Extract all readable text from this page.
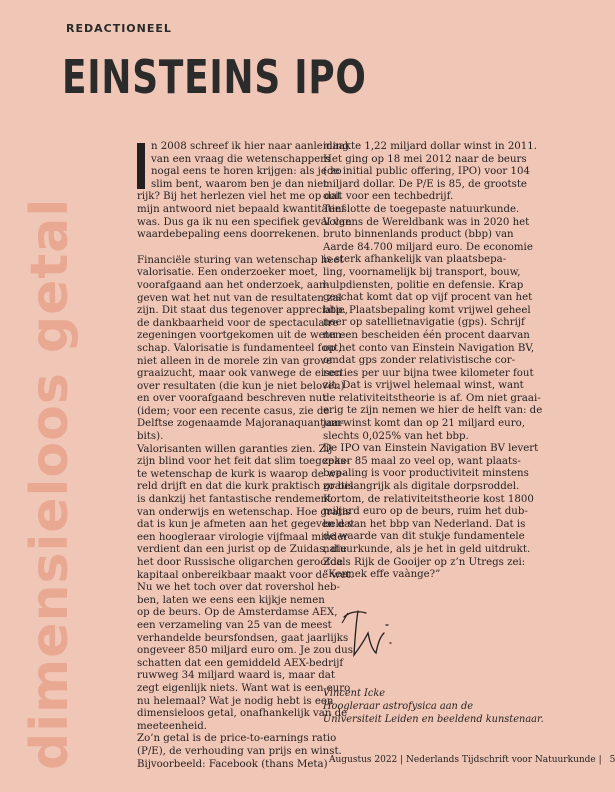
REDACTIONEEL
EINSTEINS IPO
dimensieloos getal

n 2008 schreef ik hier naar aanleiding

van een vraag die wetenschappers

nogal eens te horen krijgen: als je zo

slim bent, waarom ben je dan niet

rijk? Bij het herlezen viel het me op dat

mijn antwoord niet bepaald kwantitatief

was. Dus ga ik nu een specifiek geval van

waardebepaling eens doorrekenen.

Financiële sturing van wetenschap heet

valorisatie. Een onderzoeker moet,

voorafgaand aan het onderzoek, aan-

geven wat het nut van de resultaten zal

zijn. Dit staat dus tegenover appreciatie,

de dankbaarheid voor de spectaculaire

zegeningen voortgekomen uit de weten-

schap. Valorisatie is fundamenteel fout,

niet alleen in de morele zin van grove

graaizucht, maar ook vanwege de eisen

over resultaten (die kun je niet beloven)

en over voorafgaand beschreven nut

(idem; voor een recente casus, zie de

Delftse zogenaamde Majoranaquantum-

bits).

Valorisanten willen garanties zien. Zij

zijn blind voor het feit dat slim toegepas-

te wetenschap de kurk is waarop de we-

reld drijft en dat die kurk praktisch gratis

is dankzij het fantastische rendement

van onderwijs en wetenschap. Hoe gratis

dat is kun je afmeten aan het gegeven dat

een hoogleraar virologie vijfmaal minder

verdient dan een jurist op de Zuidas, die

het door Russische oligarchen geroofde

kapitaal onbereikbaar maakt voor de wet.

Nu we het toch over dat rovershol heb-

ben, laten we eens een kijkje nemen

op de beurs. Op de Amsterdamse AEX,

een verzameling van 25 van de meest

verhandelde beursfondsen, gaat jaarlijks

ongeveer 850 miljard euro om. Je zou dus

schatten dat een gemiddeld AEX-bedrijf

ruwweg 34 miljard waard is, maar dat

zegt eigenlijk niets. Want wat is een euro

nu helemaal? Wat je nodig hebt is een

dimensieloos getal, onafhankelijk van de

meeteenheid.

Zo’n getal is de price-to-earnings ratio

(P/E), de verhouding van prijs en winst.

Bijvoorbeeld: Facebook (thans Meta)

maakte 1,22 miljard dollar winst in 2011.

Het ging op 18 mei 2012 naar de beurs

(de initial public offering, IPO) voor 104

miljard dollar. De P/E is 85, de grootste

ooit voor een techbedrijf.

Tenslotte de toegepaste natuurkunde.

Volgens de Wereldbank was in 2020 het

bruto binnenlands product (bbp) van

Aarde 84.700 miljard euro. De economie

is sterk afhankelijk van plaatsbepa-

ling, voornamelijk bij transport, bouw,

hulpdiensten, politie en defensie. Krap

geschat komt dat op vijf procent van het

bbp. Plaatsbepaling komt vrijwel geheel

neer op satellietnavigatie (gps). Schrijf

nu een bescheiden één procent daarvan

op het conto van Einstein Navigation BV,

omdat gps zonder relativistische cor-

recties per uur bijna twee kilometer fout

zit. Dat is vrijwel helemaal winst, want

de relativiteitstheorie is af. Om niet graai-

erig te zijn nemen we hier de helft van: de

jaarwinst komt dan op 21 miljard euro,

slechts 0,025% van het bbp.

De IPO van Einstein Navigation BV levert

zeker 85 maal zo veel op, want plaats-

bepaling is voor productiviteit minstens

zo belangrijk als digitale dorpsroddel.

Kortom, de relativiteitstheorie kost 1800

miljard euro op de beurs, ruim het dub-

bele van het bbp van Nederland. Dat is

de waarde van dit stukje fundamentele

natuurkunde, als je het in geld uitdrukt.

Zoals Rijk de Gooijer op z’n Utregs zei:

“Kennek effe vaànge?”

Vincent Icke
Hoogleraar astrofysica aan de
Universiteit Leiden en beeldend kunstenaar.
Augustus 2022 | Nederlands Tijdschrift voor Natuurkunde | 5
